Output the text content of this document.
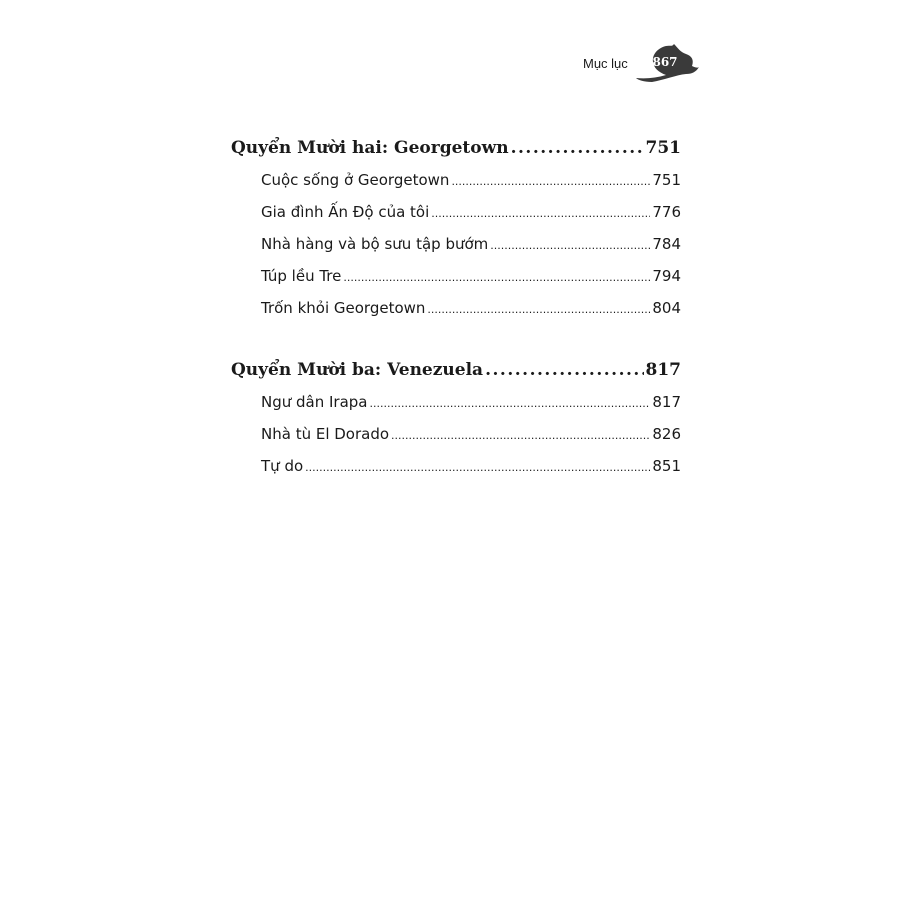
Mục lục	867
Quyển Mười hai: Georgetown .....	751
Cuộc sống ở Georgetown .....	751
Gia đình Ấn Độ của tôi .....	776
Nhà hàng và bộ sưu tập bướm .....	784
Túp lều Tre .....	794
Trốn khỏi Georgetown .....	804
Quyển Mười ba: Venezuela .....	817
Ngư dân Irapa .....	817
Nhà tù El Dorado .....	826
Tự do .....	851
